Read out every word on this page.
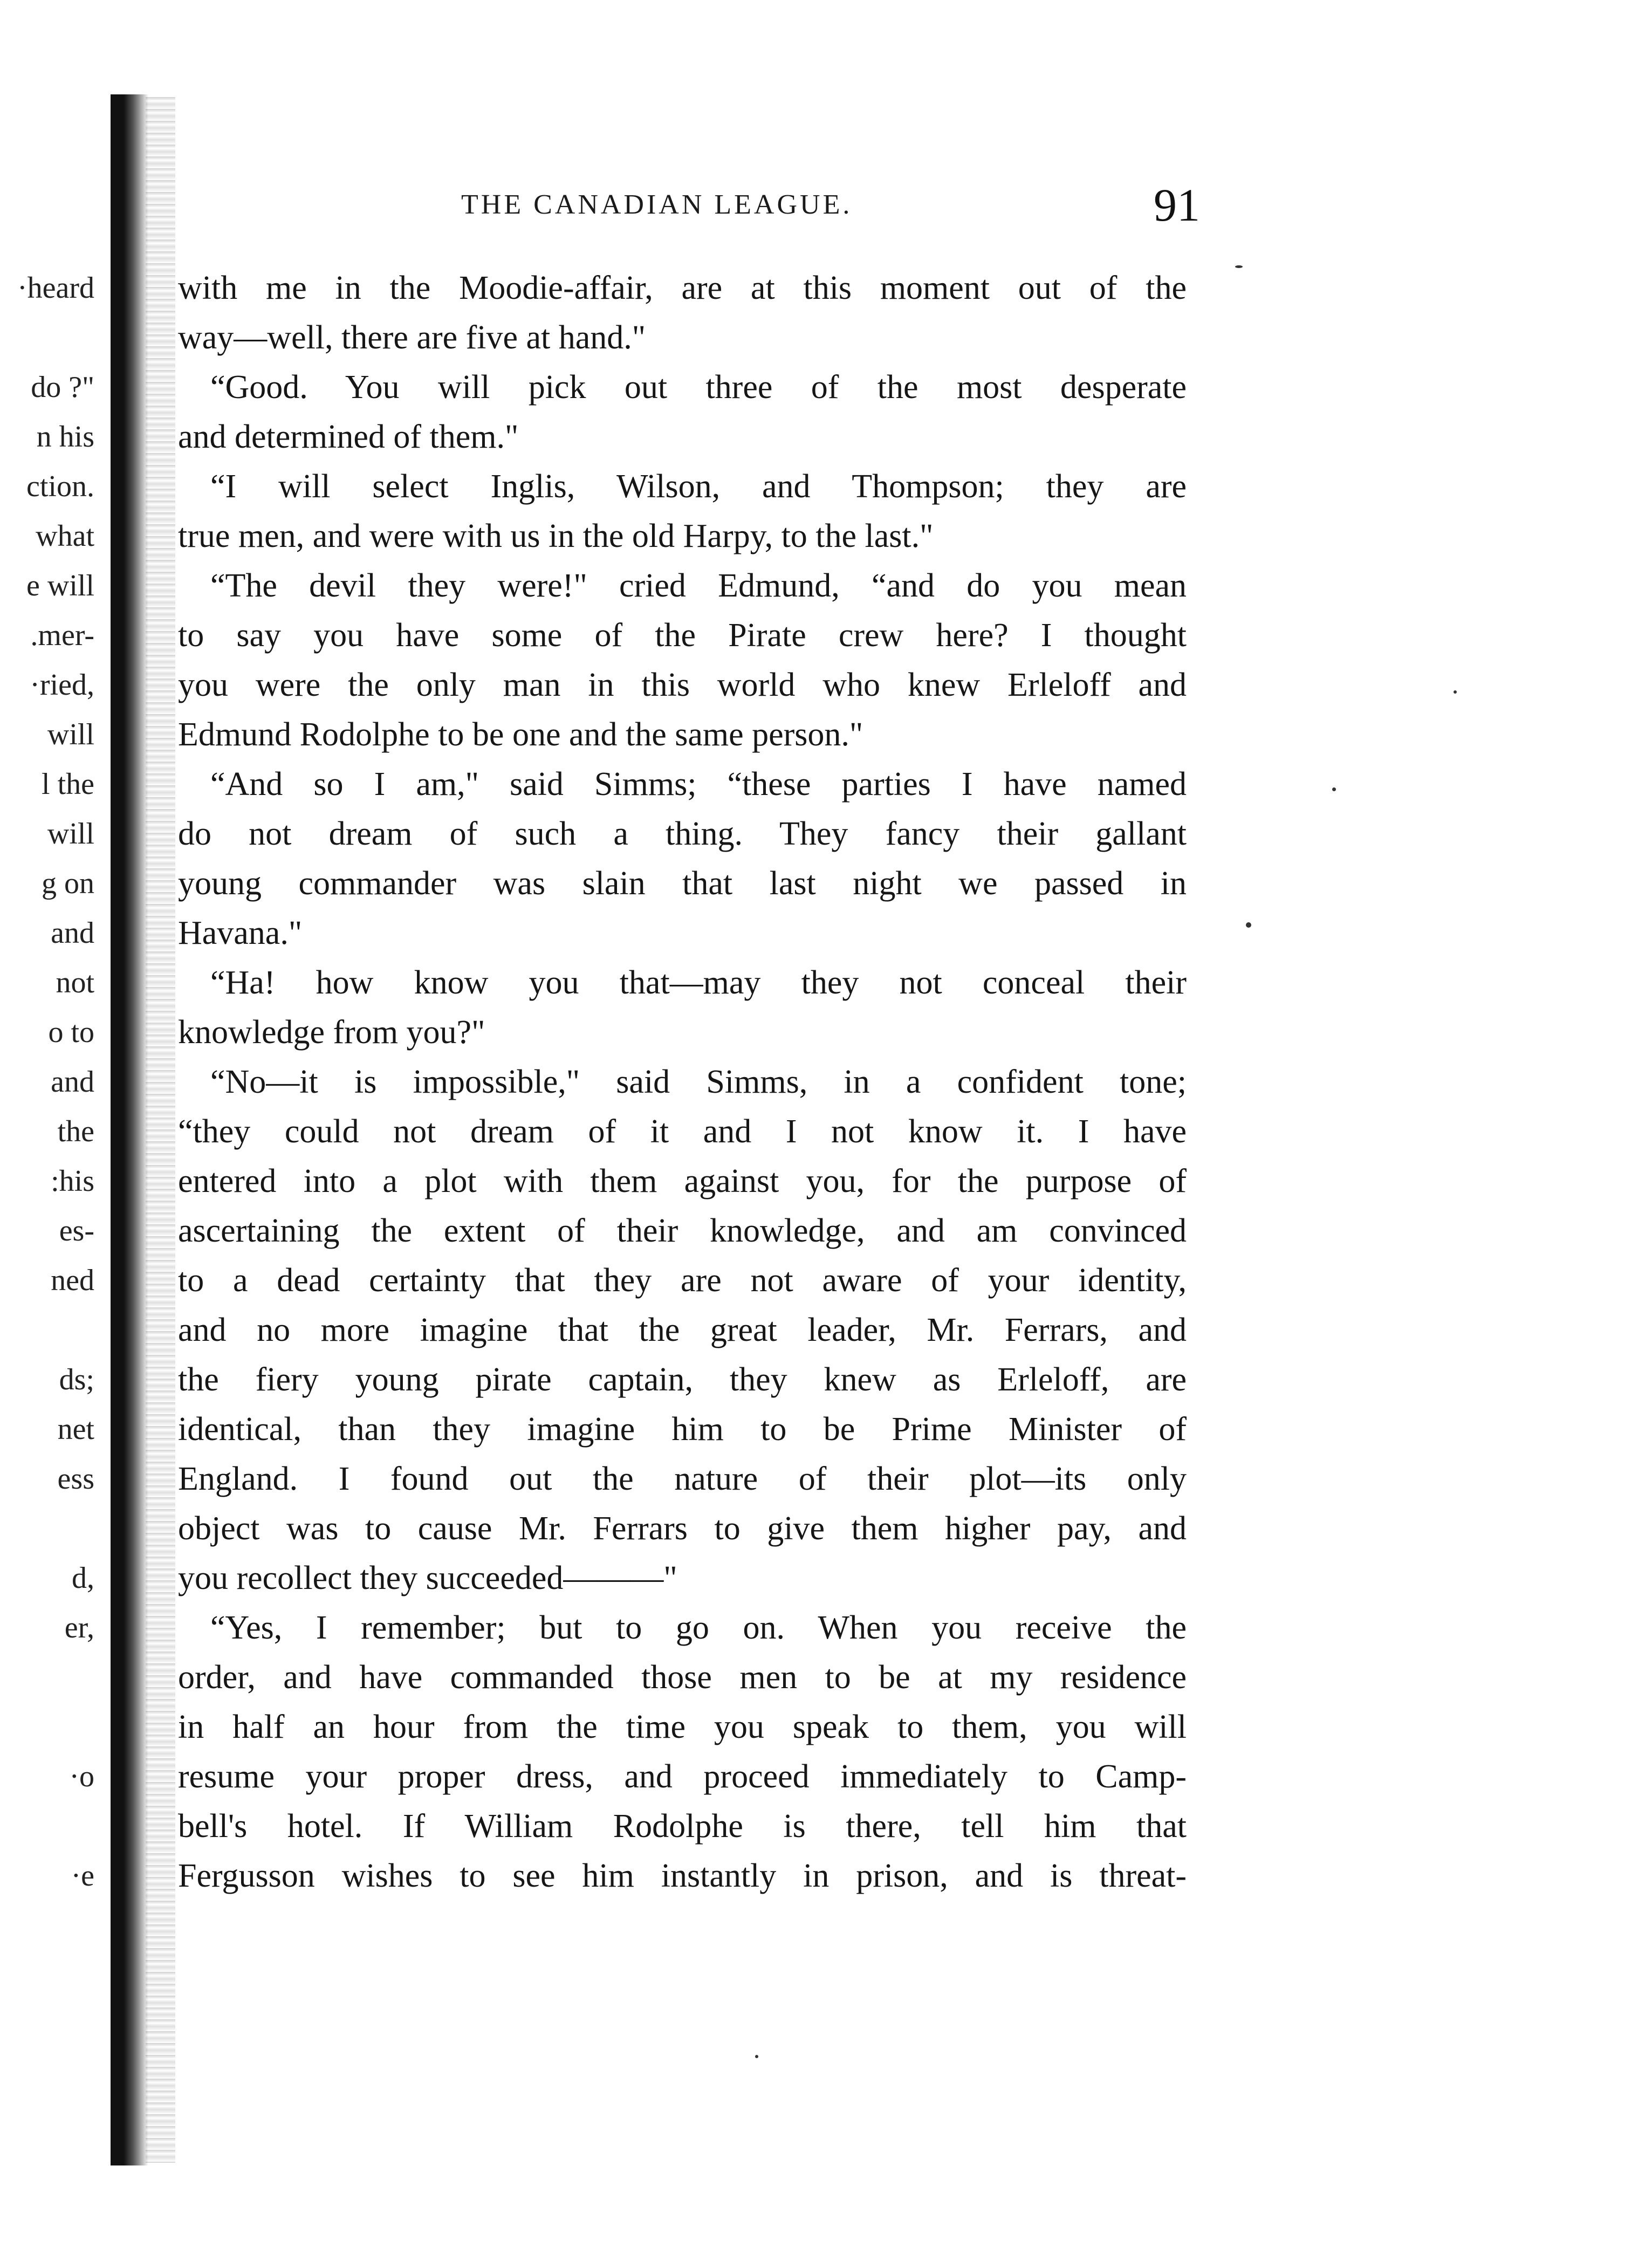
·heard
do ?"
n his
ction.
what
e will
.mer-
·ried,
will
l the
will
g on
and
not
o to
and
the
:his
es-
ned
ds;
net
ess
d,
er,
·o
·e
THE CANADIAN LEAGUE.	91
with me in the Moodie-affair, are at this moment out of the
way—well, there are five at hand."
“Good. You will pick out three of the most desperate
and determined of them."
“I will select Inglis, Wilson, and Thompson; they are
true men, and were with us in the old Harpy, to the last."
“The devil they were!" cried Edmund, “and do you mean
to say you have some of the Pirate crew here? I thought
you were the only man in this world who knew Erleloff and
Edmund Rodolphe to be one and the same person."
“And so I am," said Simms; “these parties I have named
do not dream of such a thing. They fancy their gallant
young commander was slain that last night we passed in
Havana."
“Ha! how know you that—may they not conceal their
knowledge from you?"
“No—it is impossible," said Simms, in a confident tone;
“they could not dream of it and I not know it. I have
entered into a plot with them against you, for the purpose of
ascertaining the extent of their knowledge, and am convinced
to a dead certainty that they are not aware of your identity,
and no more imagine that the great leader, Mr. Ferrars, and
the fiery young pirate captain, they knew as Erleloff, are
identical, than they imagine him to be Prime Minister of
England. I found out the nature of their plot—its only
object was to cause Mr. Ferrars to give them higher pay, and
you recollect they succeeded———"
“Yes, I remember; but to go on. When you receive the
order, and have commanded those men to be at my residence
in half an hour from the time you speak to them, you will
resume your proper dress, and proceed immediately to Camp-
bell's hotel. If William Rodolphe is there, tell him that
Fergusson wishes to see him instantly in prison, and is threat-
